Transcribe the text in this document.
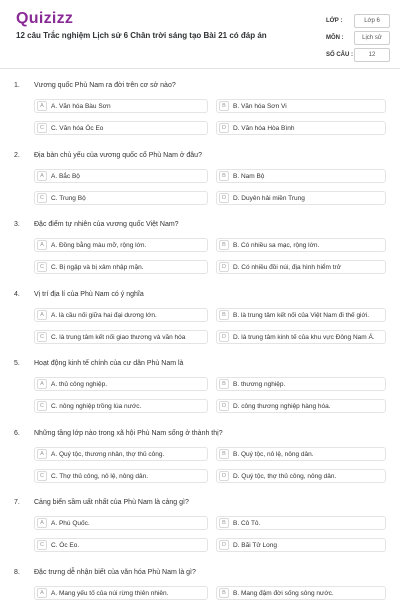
Quizizz
12 câu Trắc nghiệm Lịch sử 6 Chân trời sáng tạo Bài 21 có đáp án
LỚP :	Lớp 6
MÔN :	Lịch sử
SỐ CÂU :	12
1.	Vương quốc Phù Nam ra đời trên cơ sở nào?
A	A. Văn hóa Bàu Sơn	B	B. Văn hóa Sơn Vi
C	C. Văn hóa Óc Eo	D	D. Văn hóa Hòa Bình
2.	Địa bàn chủ yếu của vương quốc cổ Phù Nam ở đâu?
A	A. Bắc Bộ	B	B. Nam Bộ
C	C. Trung Bộ	D	D. Duyên hải miền Trung
3.	Đặc điểm tự nhiên của vương quốc Việt Nam?
A	A. Đồng bằng màu mỡ, rộng lớn.	B	B. Có nhiều sa mạc, rộng lớn.
C	C. Bị ngập và bị xâm nhập mặn.	D	D. Có nhiều đồi núi, địa hình hiểm trở
4.	Vị trí địa lí của Phù Nam có ý nghĩa
A	A. là cầu nối giữa hai đại dương lớn.	B	B. là trung tâm kết nối của Việt Nam đi thế giới.
C	C. là trung tâm kết nối giao thương và văn hóa	D	D. là trung tâm kinh tế của khu vực Đông Nam Á.
5.	Hoạt động kinh tế chính của cư dân Phù Nam là
A	A. thủ công nghiệp.	B	B. thương nghiệp.
C	C. nông nghiệp trồng lúa nước.	D	D. công thương nghiệp hàng hóa.
6.	Những tầng lớp nào trong xã hội Phù Nam sống ở thành thị?
A	A. Quý tộc, thương nhân, thợ thủ công.	B	B. Quý tộc, nô lệ, nông dân.
C	C. Thợ thủ công, nô lệ, nông dân.	D	D. Quý tộc, thợ thủ công, nông dân.
7.	Cảng biển sầm uất nhất của Phù Nam là cảng gì?
A	A. Phú Quốc.	B	B. Cô Tô.
C	C. Óc Eo.	D	D. Bãi Tử Long
8.	Đặc trưng dễ nhận biết của văn hóa Phù Nam là gì?
A	A. Mang yếu tố của núi rừng thiên nhiên.	B	B. Mang đậm đời sống sông nước.
